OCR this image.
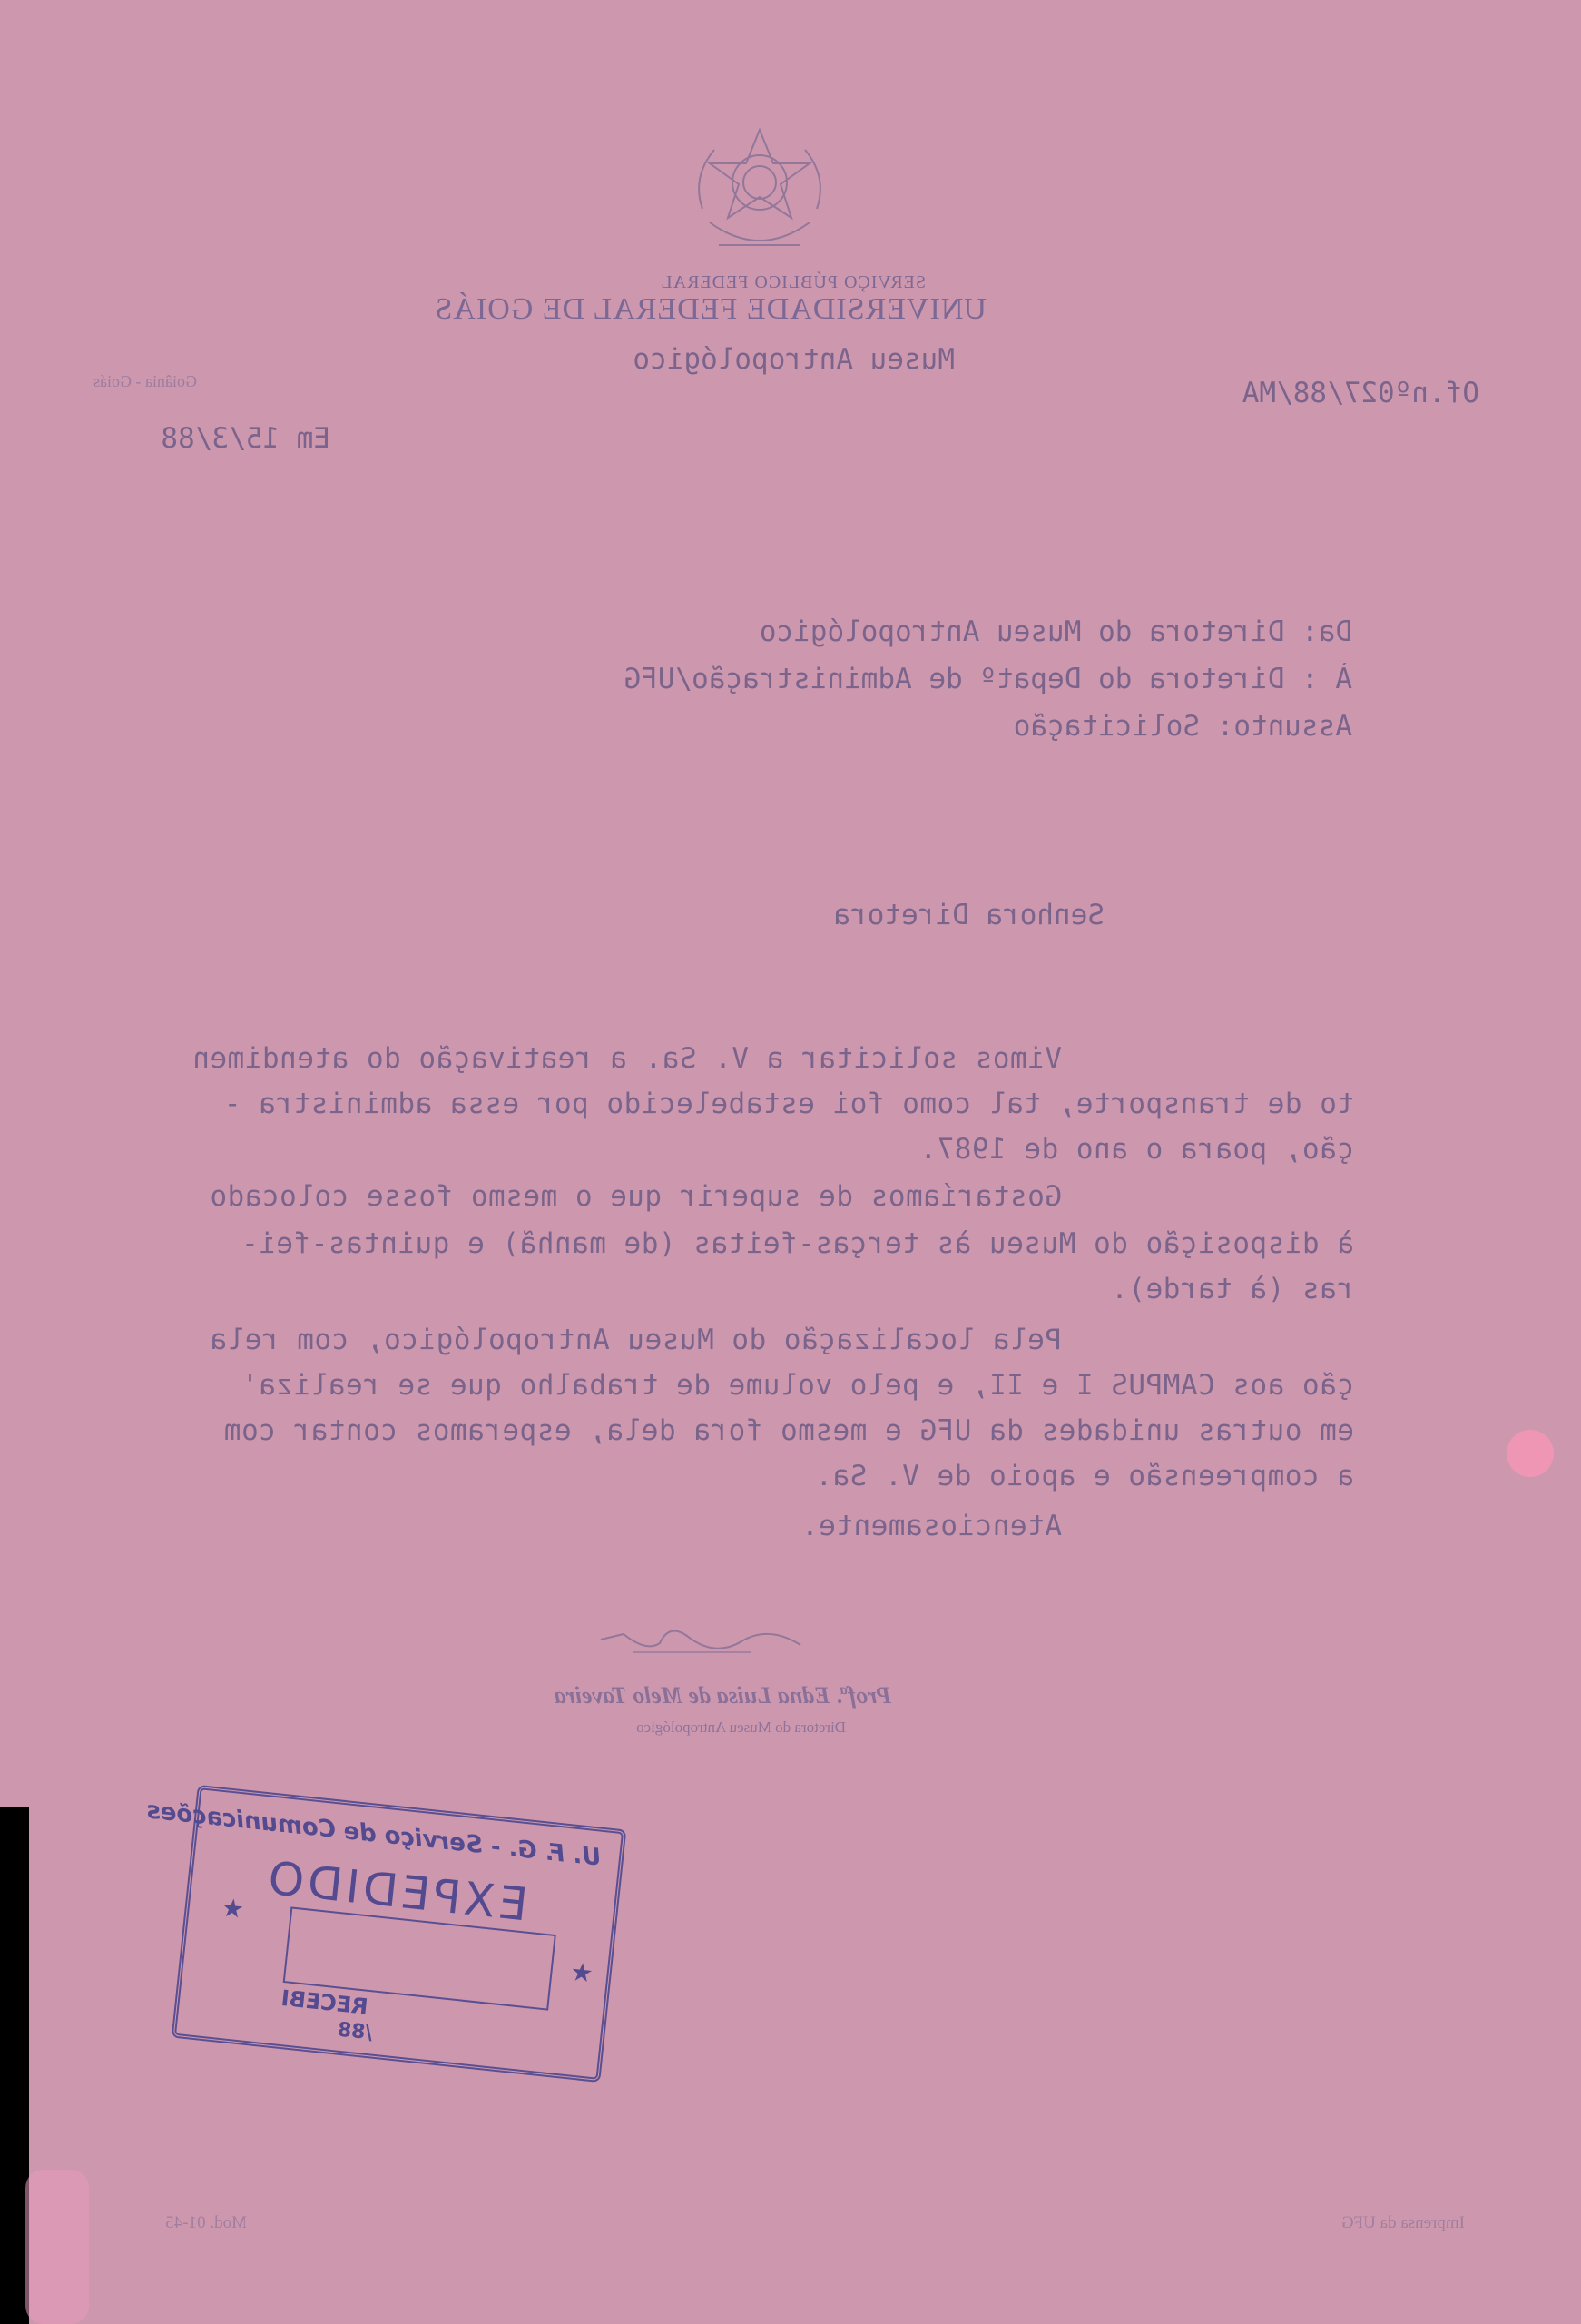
SERVIÇO PÚBLICO FEDERAL
UNIVERSIDADE FEDERAL DE GOIÁS
Museu Antropológico
Goiânia - Goiás	Of.nº027/88/MA
Em 15/3/88
Da: Diretora do Museu Antropológico
À : Diretora do Depatº de Administração/UFG
Assunto: Solicitação
Senhora Diretora
Vimos solicitar a V. Sa. a reativação do atendimen
to de transporte, tal como foi estabelecido por essa administra -
ção, poara o ano de 1987.
Gostaríamos de superir que o mesmo fosse colocado
à disposição do Museu às terças-feitas (de manhã) e quintas-fei-
ras (à tarde).
Pela localização do Museu Antropológico, com rela
ção aos CAMPUS I e II, e pelo volume de trabalho que se realiza'
em outras unidades da UFG e mesmo fora dela, esperamos contar com
a compreensão e apoio de V. Sa.
Atenciosamente.
Profª. Edna Luisa de Melo Taveira
Diretora do Museu Antropológico
Imprensa da UFG
Mod. 01-45
U. F. G. - Serviço de Comunicações
EXPEDIDO
RECEBI
/88
★
★
